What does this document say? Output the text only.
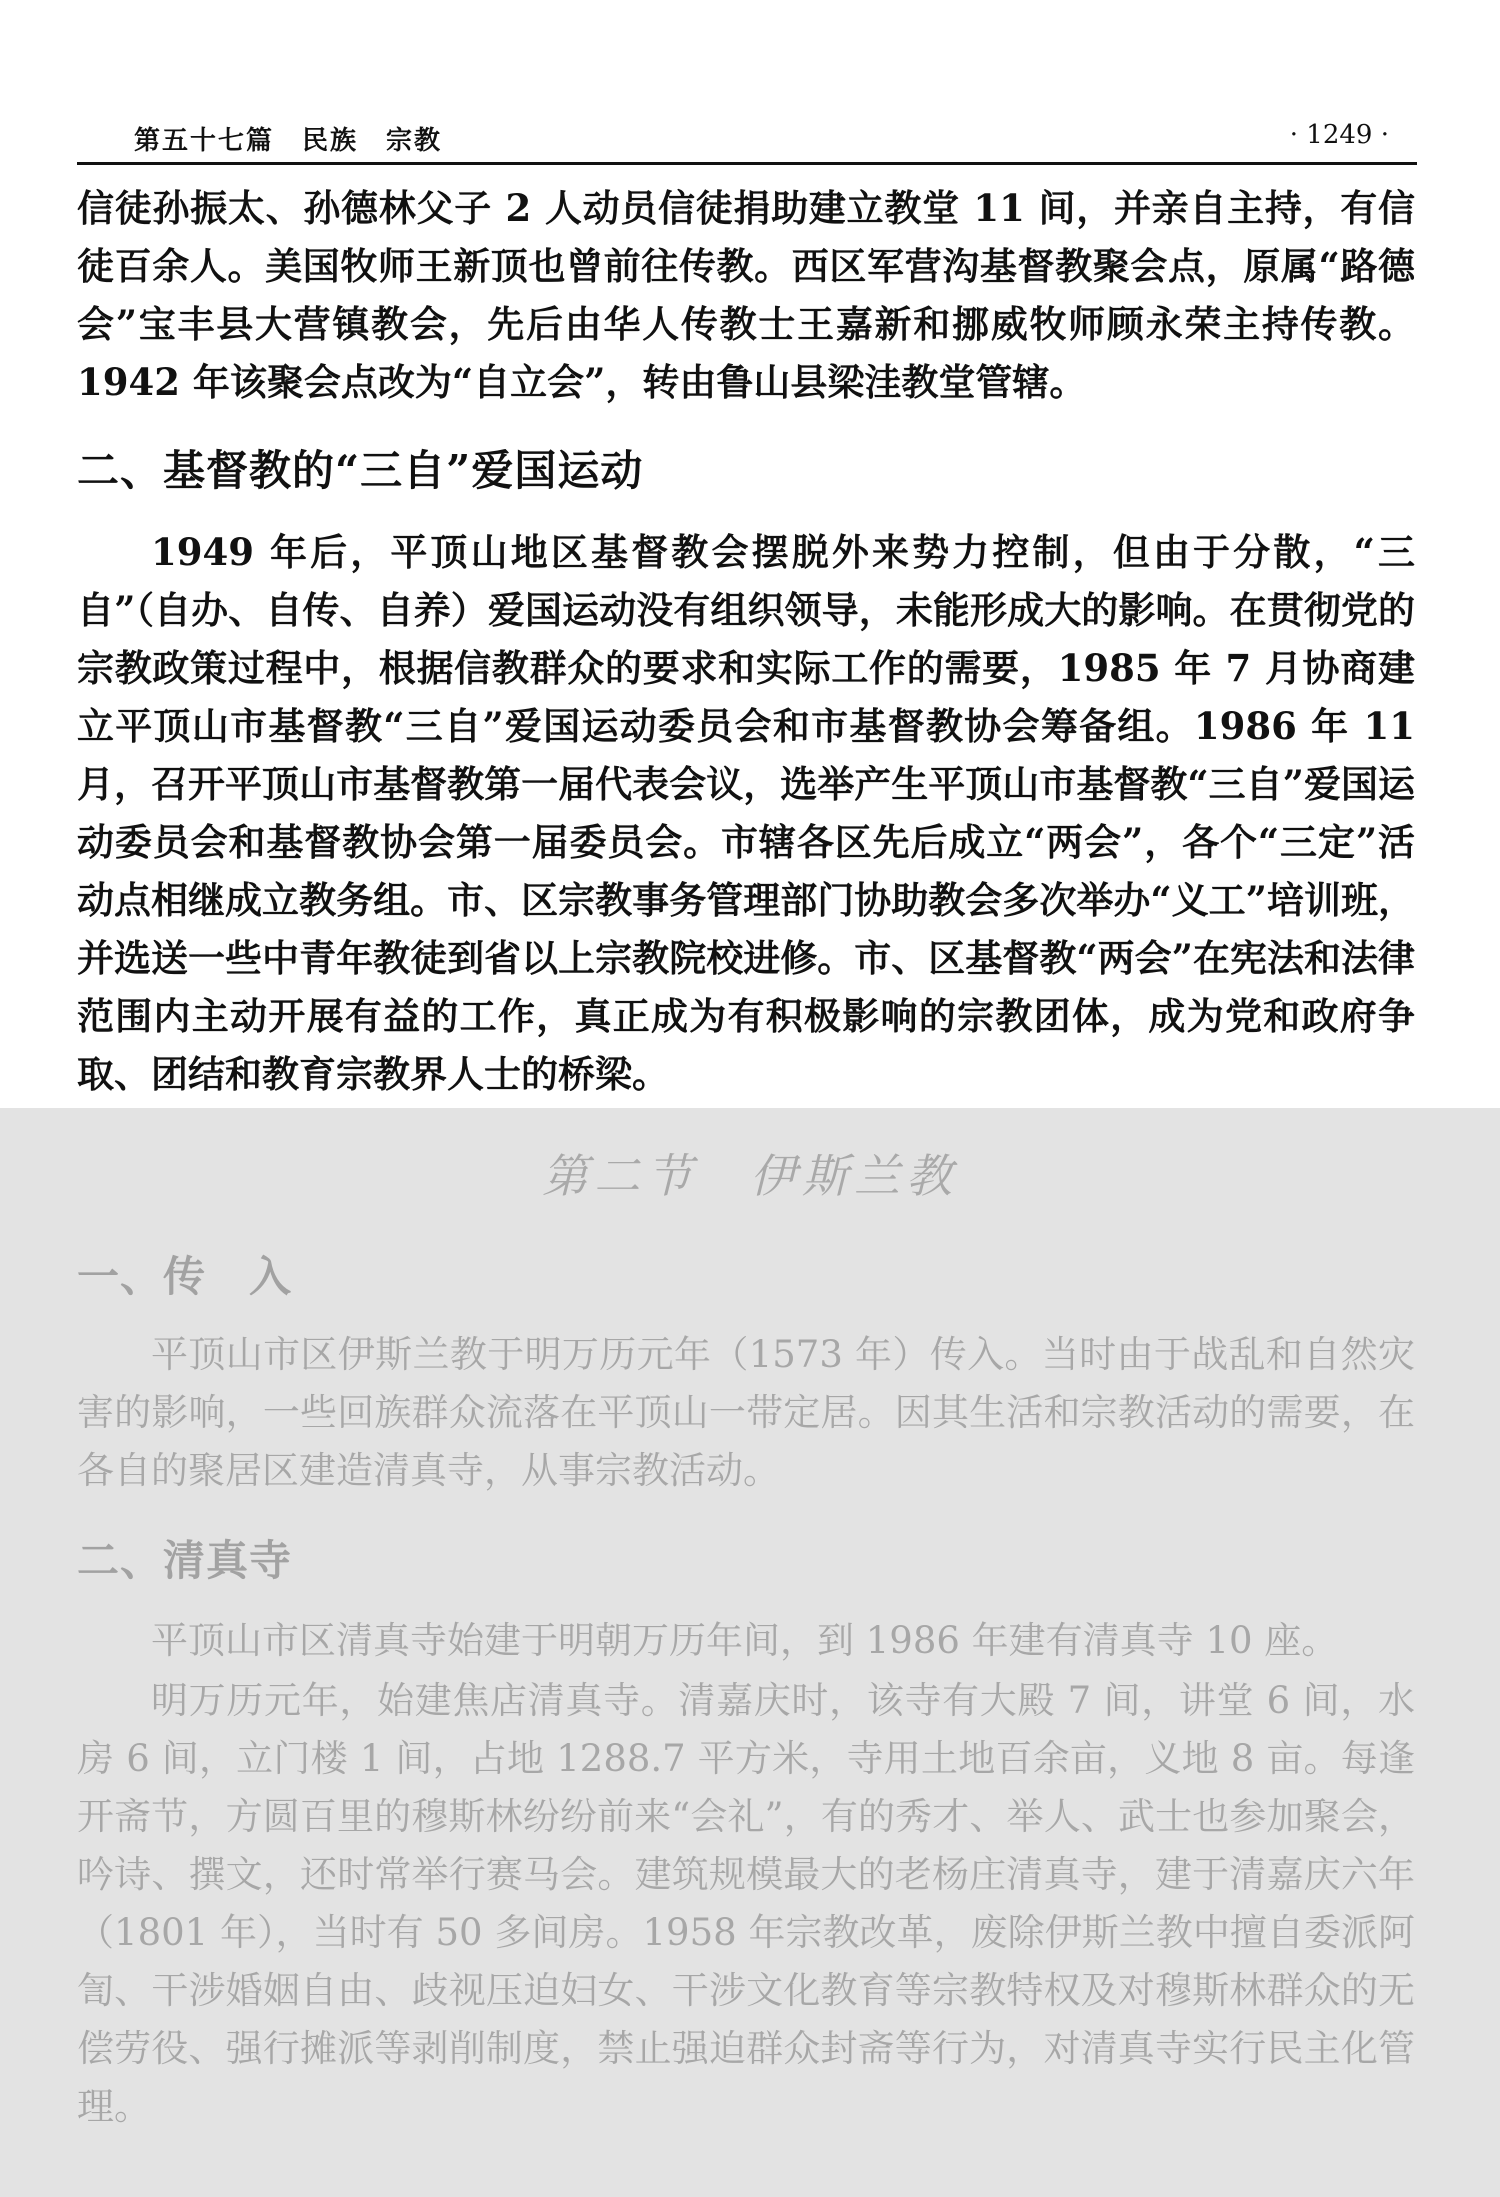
第五十七篇　民族　宗教	· 1249 ·

信徒孙振太、孙德林父子 2 人动员信徒捐助建立教堂 11 间，并亲自主持，有信徒百余人。美国牧师王新顶也曾前往传教。西区军营沟基督教聚会点，原属“路德会”宝丰县大营镇教会，先后由华人传教士王嘉新和挪威牧师顾永荣主持传教。1942 年该聚会点改为“自立会”，转由鲁山县梁洼教堂管辖。

二、基督教的“三自”爱国运动

1949 年后，平顶山地区基督教会摆脱外来势力控制，但由于分散，“三自”（自办、自传、自养）爱国运动没有组织领导，未能形成大的影响。在贯彻党的宗教政策过程中，根据信教群众的要求和实际工作的需要，1985 年 7 月协商建立平顶山市基督教“三自”爱国运动委员会和市基督教协会筹备组。1986 年 11 月，召开平顶山市基督教第一届代表会议，选举产生平顶山市基督教“三自”爱国运动委员会和基督教协会第一届委员会。市辖各区先后成立“两会”，各个“三定”活动点相继成立教务组。市、区宗教事务管理部门协助教会多次举办“义工”培训班，并选送一些中青年教徒到省以上宗教院校进修。市、区基督教“两会”在宪法和法律范围内主动开展有益的工作，真正成为有积极影响的宗教团体，成为党和政府争取、团结和教育宗教界人士的桥梁。

第二节　伊斯兰教
一、传　入

平顶山市区伊斯兰教于明万历元年（1573 年）传入。当时由于战乱和自然灾害的影响，一些回族群众流落在平顶山一带定居。因其生活和宗教活动的需要，在各自的聚居区建造清真寺，从事宗教活动。

二、清真寺

平顶山市区清真寺始建于明朝万历年间，到 1986 年建有清真寺 10 座。

明万历元年，始建焦店清真寺。清嘉庆时，该寺有大殿 7 间，讲堂 6 间，水房 6 间，立门楼 1 间，占地 1288.7 平方米，寺用土地百余亩，义地 8 亩。每逢开斋节，方圆百里的穆斯林纷纷前来“会礼”，有的秀才、举人、武士也参加聚会，吟诗、撰文，还时常举行赛马会。建筑规模最大的老杨庄清真寺，建于清嘉庆六年（1801 年），当时有 50 多间房。1958 年宗教改革，废除伊斯兰教中擅自委派阿訇、干涉婚姻自由、歧视压迫妇女、干涉文化教育等宗教特权及对穆斯林群众的无偿劳役、强行摊派等剥削制度，禁止强迫群众封斋等行为，对清真寺实行民主化管理。
